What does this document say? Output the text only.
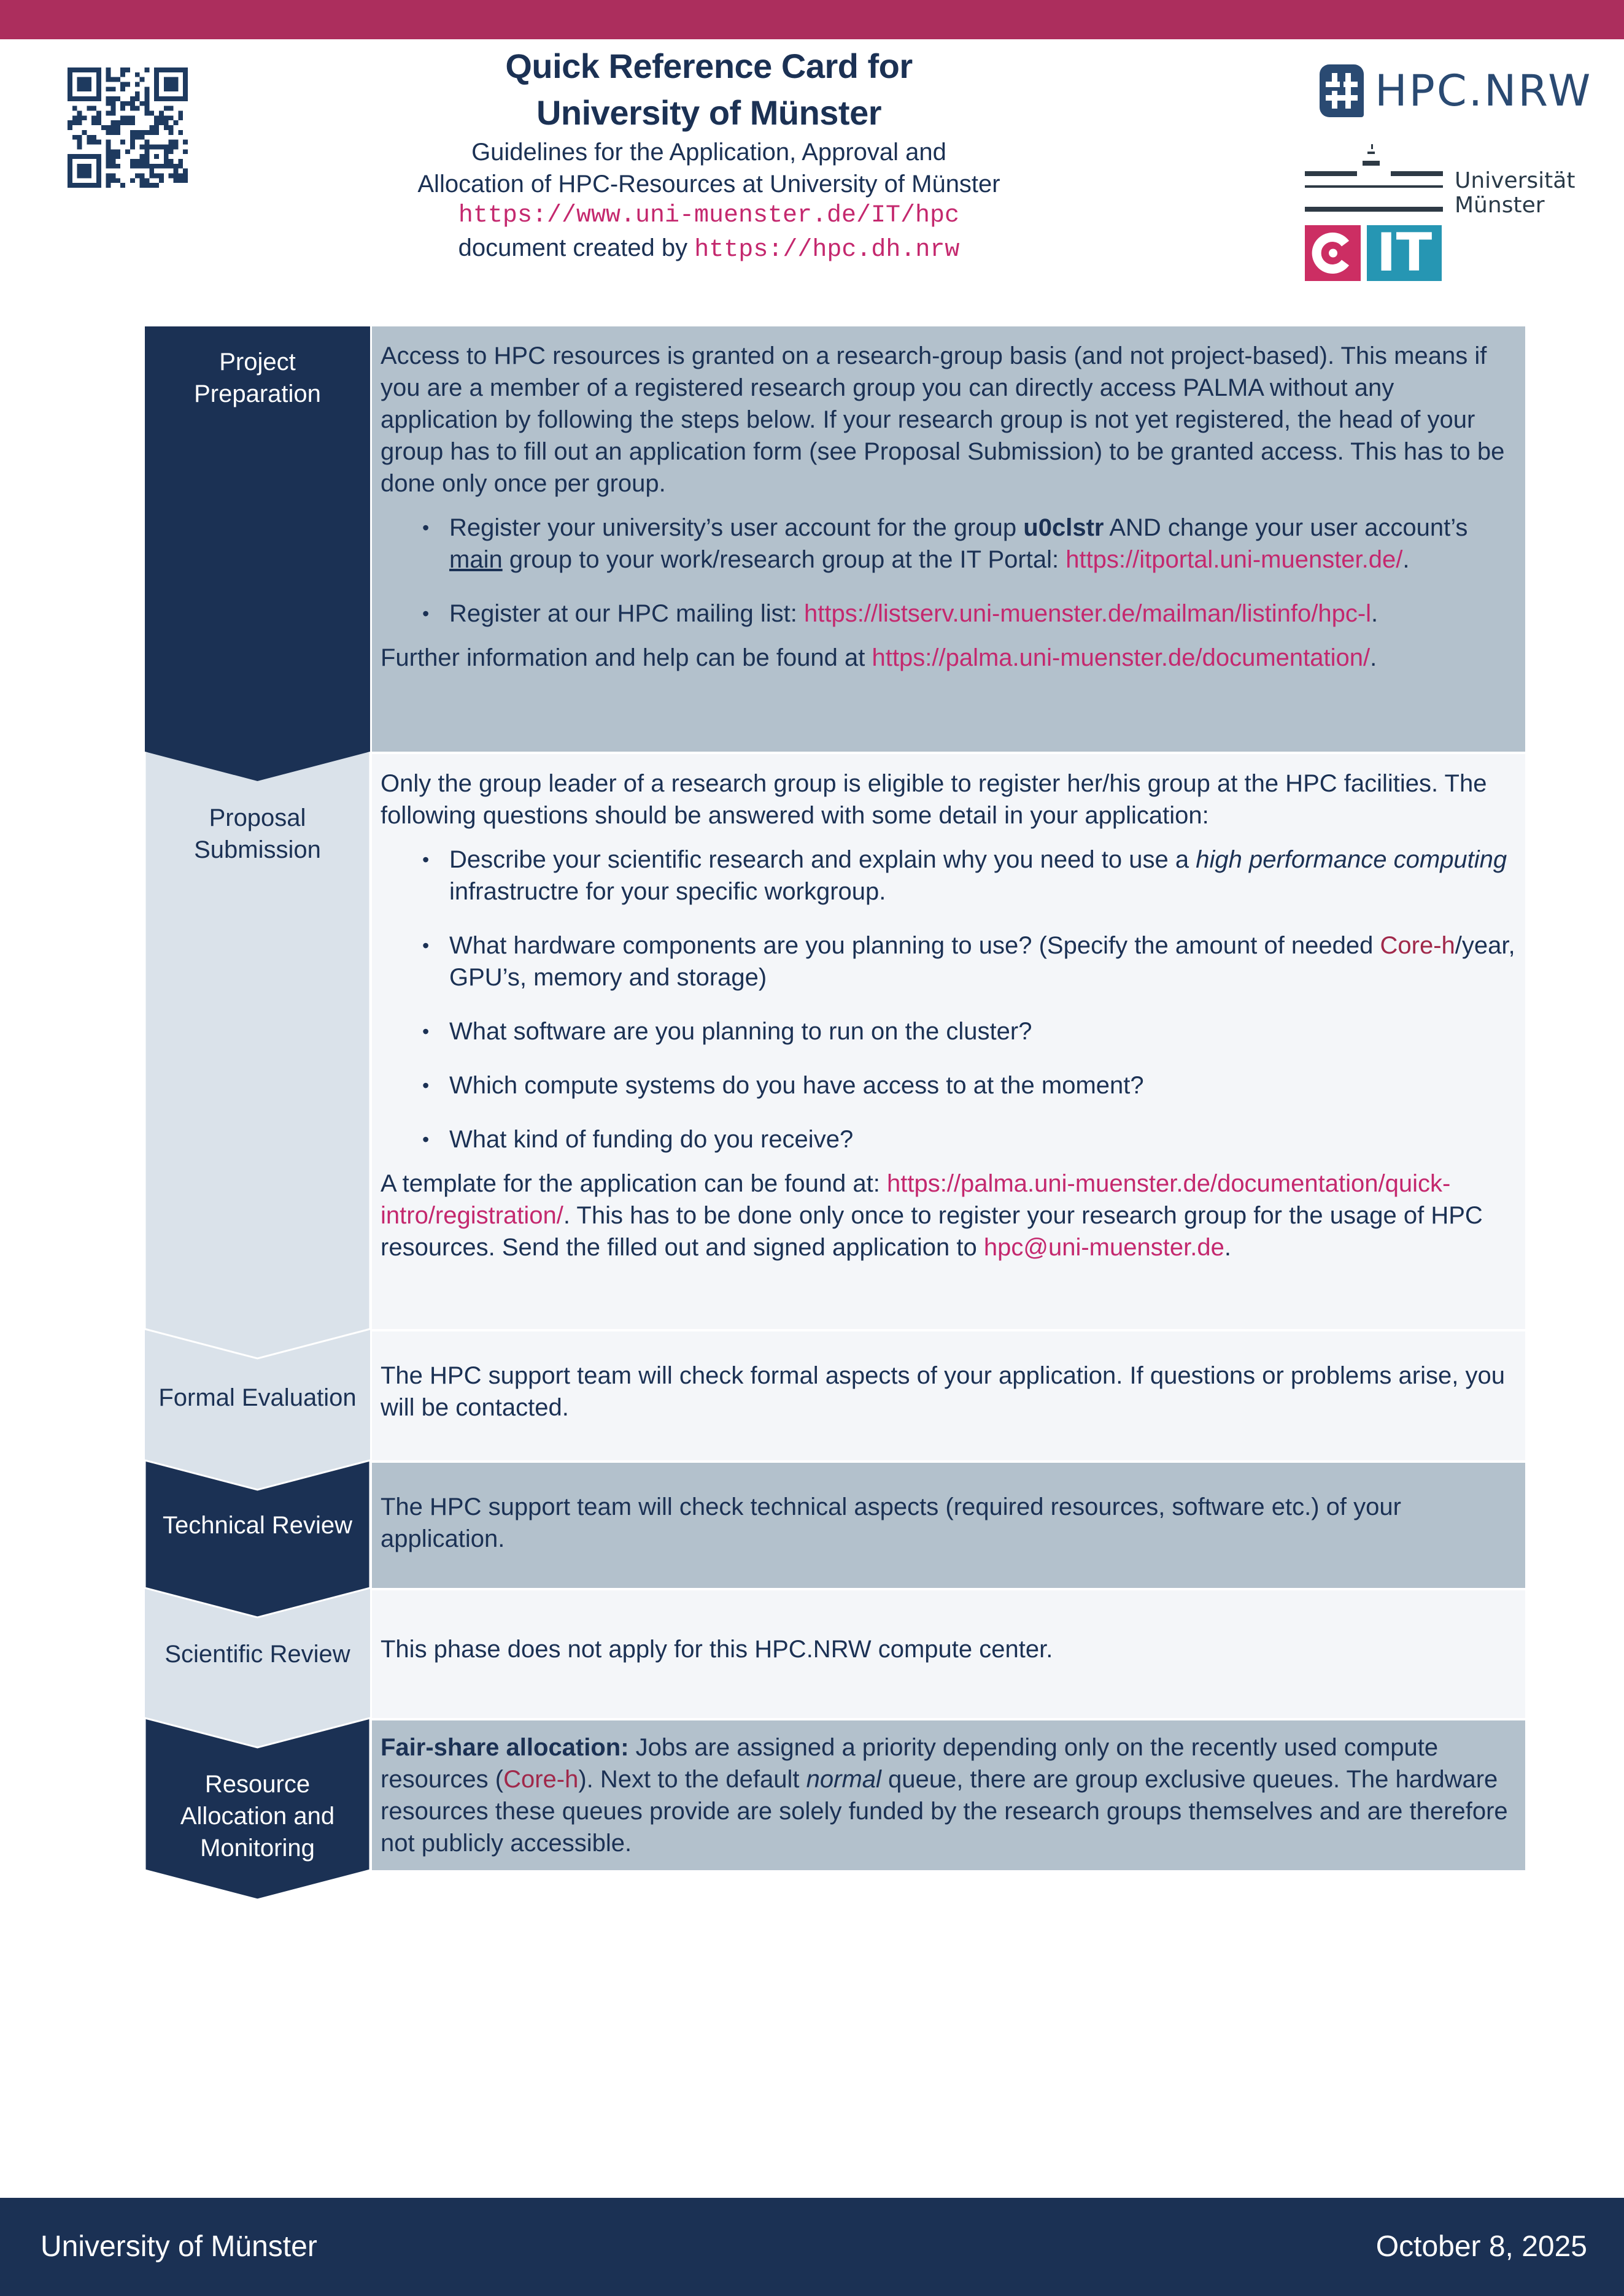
Quick Reference Card for
University of Münster
Guidelines for the Application, Approval and
Allocation of HPC-Resources at University of Münster
https://www.uni-muenster.de/IT/hpc
document created by https://hpc.dh.nrw
HPC.NRW
Universität
Münster
IT
Project
Preparation

Access to HPC resources is granted on a research-group basis (and not project-based). This means if you are a member of a registered research group you can directly access PALMA without any application by following the steps below. If your research group is not yet registered, the head of your group has to fill out an application form (see Proposal Submission) to be granted access. This has to be done only once per group.

• Register your university’s user account for the group u0clstr AND change your user account’s main group to your work/research group at the IT Portal: https://itportal.uni-muenster.de/.
• Register at our HPC mailing list: https://listserv.uni-muenster.de/mailman/listinfo/hpc-l.

Further information and help can be found at https://palma.uni-muenster.de/documentation/.

Proposal
Submission

Only the group leader of a research group is eligible to register her/his group at the HPC facilities. The following questions should be answered with some detail in your application:

• Describe your scientific research and explain why you need to use a high performance computing infrastructre for your specific workgroup.
• What hardware components are you planning to use? (Specify the amount of needed Core-h/year, GPU’s, memory and storage)
• What software are you planning to run on the cluster?
• Which compute systems do you have access to at the moment?
• What kind of funding do you receive?

A template for the application can be found at: https://palma.uni-muenster.de/documentation/quick-intro/registration/. This has to be done only once to register your research group for the usage of HPC resources. Send the filled out and signed application to hpc@uni-muenster.de.

Formal Evaluation

The HPC support team will check formal aspects of your application. If questions or problems arise, you will be contacted.

Technical Review

The HPC support team will check technical aspects (required resources, software etc.) of your application.

Scientific Review	This phase does not apply for this HPC.NRW compute center.

Resource
Allocation and
Monitoring

Fair-share allocation: Jobs are assigned a priority depending only on the recently used compute resources (Core-h). Next to the default normal queue, there are group exclusive queues. The hardware resources these queues provide are solely funded by the research groups themselves and are therefore not publicly accessible.

University of Münster	October 8, 2025
